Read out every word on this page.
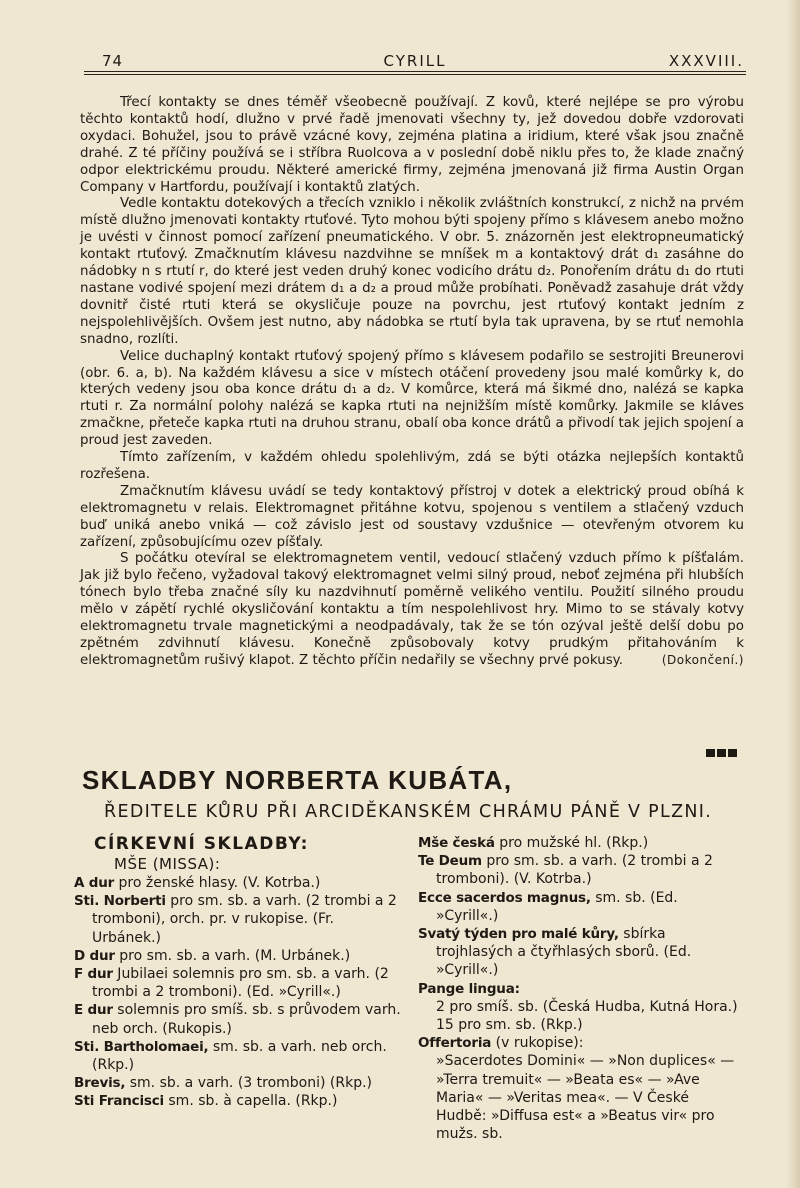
74	CYRILL	XXXVIII.

Třecí kontakty se dnes téměř všeobecně používají. Z kovů, které nejlépe se pro výrobu těchto kontaktů hodí, dlužno v prvé řadě jmenovati všechny ty, jež dovedou dobře vzdorovati oxydaci. Bohužel, jsou to právě vzácné kovy, zejména platina a iridium, které však jsou značně drahé. Z té příčiny používá se i stříbra Ruolcova a v poslední době niklu přes to, že klade značný odpor elektrickému proudu. Některé americké firmy, zejména jmenovaná již firma Austin Organ Company v Hartfordu, používají i kontaktů zlatých.

Vedle kontaktu dotekových a třecích vzniklo i několik zvláštních konstrukcí, z nichž na prvém místě dlužno jmenovati kontakty rtuťové. Tyto mohou býti spojeny přímo s klávesem anebo možno je uvésti v činnost pomocí zařízení pneumatického. V obr. 5. znázorněn jest elektropneumatický kontakt rtuťový. Zmačknutím klávesu nazdvihne se mníšek m a kontaktový drát d₁ zasáhne do nádobky n s rtutí r, do které jest veden druhý konec vodicího drátu d₂. Ponořením drátu d₁ do rtuti nastane vodivé spojení mezi drátem d₁ a d₂ a proud může probíhati. Poněvadž zasahuje drát vždy dovnitř čisté rtuti která se okysličuje pouze na povrchu, jest rtuťový kontakt jedním z nejspolehlivějších. Ovšem jest nutno, aby nádobka se rtutí byla tak upravena, by se rtuť nemohla snadno, rozlíti.

Velice duchaplný kontakt rtuťový spojený přímo s klávesem podařilo se sestrojiti Breunerovi (obr. 6. a, b). Na každém klávesu a sice v místech otáčení provedeny jsou malé komůrky k, do kterých vedeny jsou oba konce drátu d₁ a d₂. V komůrce, která má šikmé dno, nalézá se kapka rtuti r. Za normální polohy nalézá se kapka rtuti na nejnižším místě komůrky. Jakmile se kláves zmačkne, přeteče kapka rtuti na druhou stranu, obalí oba konce drátů a přivodí tak jejich spojení a proud jest zaveden.

Tímto zařízením, v každém ohledu spolehlivým, zdá se býti otázka nejlepších kontaktů rozřešena.

Zmačknutím klávesu uvádí se tedy kontaktový přístroj v dotek a elektrický proud obíhá k elektromagnetu v relais. Elektromagnet přitáhne kotvu, spojenou s ventilem a stlačený vzduch buď uniká anebo vniká — což závislo jest od soustavy vzdušnice — otevřeným otvorem ku zařízení, způsobujícímu ozev píšťaly.

S počátku otevíral se elektromagnetem ventil, vedoucí stlačený vzduch přímo k píšťalám. Jak již bylo řečeno, vyžadoval takový elektromagnet velmi silný proud, neboť zejména při hlubších tónech bylo třeba značné síly ku nazdvihnutí poměrně velikého ventilu. Použití silného proudu mělo v zápětí rychlé okysličování kontaktu a tím nespolehlivost hry. Mimo to se stávaly kotvy elektromagnetu trvale magnetickými a neodpadávaly, tak že se tón ozýval ještě delší dobu po zpětném zdvihnutí klávesu. Konečně způsobovaly kotvy prudkým přitahováním k elektromagnetům rušivý klapot. Z těchto příčin nedařily se všechny prvé pokusy.	(Dokončení.)
SKLADBY NORBERTA KUBÁTA,
ŘEDITELE KŮRU PŘI ARCIDĚKANSKÉM CHRÁMU PÁNĚ V PLZNI.
CÍRKEVNÍ SKLADBY:
MŠE (MISSA):

A dur pro ženské hlasy. (V. Kotrba.)

Sti. Norberti pro sm. sb. a varh. (2 trombi a 2 tromboni), orch. pr. v rukopise. (Fr. Urbánek.)

D dur pro sm. sb. a varh. (M. Urbánek.)

F dur Jubilaei solemnis pro sm. sb. a varh. (2 trombi a 2 tromboni). (Ed. »Cyrill«.)

E dur solemnis pro smíš. sb. s průvodem varh. neb orch. (Rukopis.)

Sti. Bartholomaei, sm. sb. a varh. neb orch. (Rkp.)

Brevis, sm. sb. a varh. (3 tromboni) (Rkp.)

Sti Francisci sm. sb. à capella. (Rkp.)

Mše česká pro mužské hl. (Rkp.)

Te Deum pro sm. sb. a varh. (2 trombi a 2 tromboni). (V. Kotrba.)

Ecce sacerdos magnus, sm. sb. (Ed. »Cyrill«.)

Svatý týden pro malé kůry, sbírka trojhlasých a čtyřhlasých sborů. (Ed. »Cyrill«.)

Pange lingua:

2 pro smíš. sb. (Česká Hudba, Kutná Hora.)

15 pro sm. sb. (Rkp.)

Offertoria (v rukopise):

»Sacerdotes Domini« — »Non duplices« — »Terra tremuit« — »Beata es« — »Ave Maria« — »Veritas mea«. — V České Hudbě: »Diffusa est« a »Beatus vir« pro mužs. sb.
